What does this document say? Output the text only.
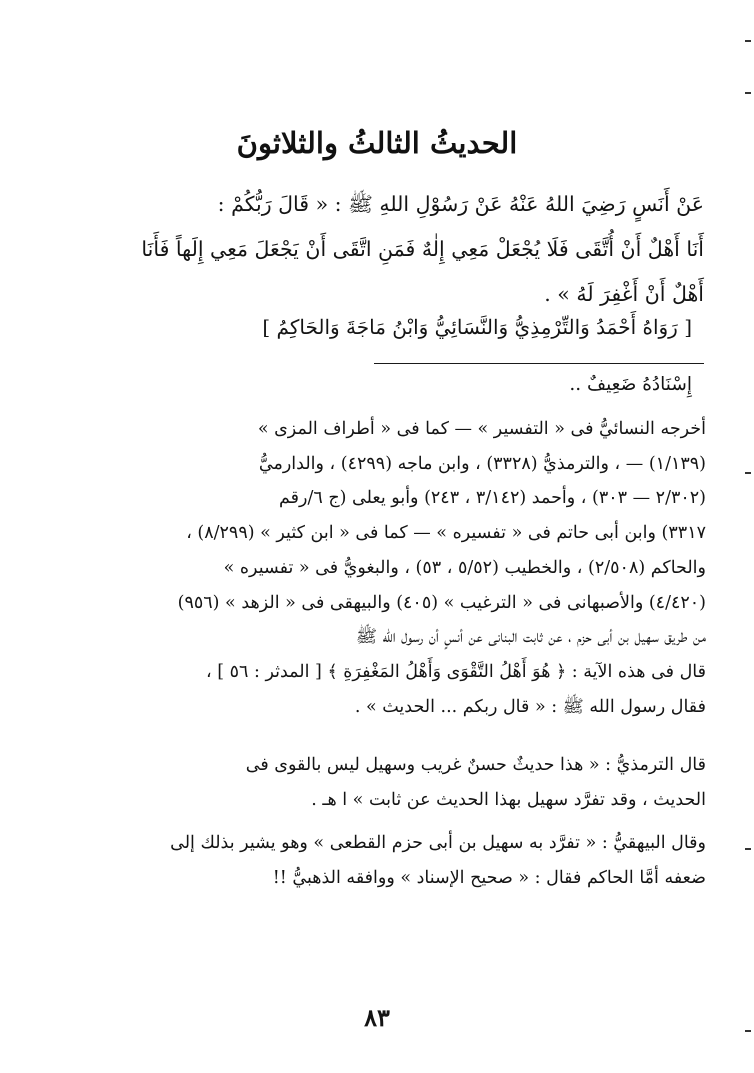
الحديثُ الثالثُ والثلاثونَ

عَنْ أَنَسٍ رَضِيَ اللهُ عَنْهُ عَنْ رَسُوْلِ اللهِ ﷺ : « قَالَ رَبُّكُمْ :

أَنَا أَهْلٌ أَنْ أُتَّقَى فَلَا يُجْعَلْ مَعِي إِلٰهٌ فَمَنِ اتَّقَى أَنْ يَجْعَلَ مَعِي إِلَهاً فَأَنَا

أَهْلٌ أَنْ أَغْفِرَ لَهُ » .

[ رَوَاهُ أَحْمَدُ وَالتِّرْمِذِيُّ وَالنَّسَائِيُّ وَابْنُ مَاجَةَ وَالحَاكِمُ ]
إِسْنَادُهُ ضَعِيفٌ ..

أخرجه النسائيُّ فى « التفسير » — كما فى « أطراف المزى »

(١/١٣٩) — ، والترمذيُّ (٣٣٢٨) ، وابن ماجه (٤٢٩٩) ، والدارميُّ

(٢/٣٠٢ — ٣٠٣) ، وأحمد (٣/١٤٢ ، ٢٤٣) وأبو يعلى (ج ٦/رقم

٣٣١٧) وابن أبى حاتم فى « تفسيره » — كما فى « ابن كثير » (٨/٢٩٩) ،

والحاكم (٢/٥٠٨) ، والخطيب (٥/٥٢ ، ٥٣) ، والبغويُّ فى « تفسيره »

(٤/٤٢٠) والأصبهانى فى « الترغيب » (٤٠٥) والبيهقى فى « الزهد » (٩٥٦)

من طريق سهيل بن أبى حزم ، عن ثابت البنانى عن أنسٍ أن رسول الله ﷺ

قال فى هذه الآية : ﴿ هُوَ أَهْلُ التَّقْوَى وَأَهْلُ المَغْفِرَةِ ﴾ [ المدثر : ٥٦ ] ،

فقال رسول الله ﷺ : « قال ربكم ... الحديث » .

قال الترمذيُّ : « هذا حديثٌ حسنٌ غريب وسهيل ليس بالقوى فى

الحديث ، وقد تفرَّد سهيل بهذا الحديث عن ثابت » ا هـ .

وقال البيهقيُّ : « تفرَّد به سهيل بن أبى حزم القطعى » وهو يشير بذلك إلى

ضعفه أمَّا الحاكم فقال : « صحيح الإسناد » ووافقه الذهبيُّ !!

٨٣
